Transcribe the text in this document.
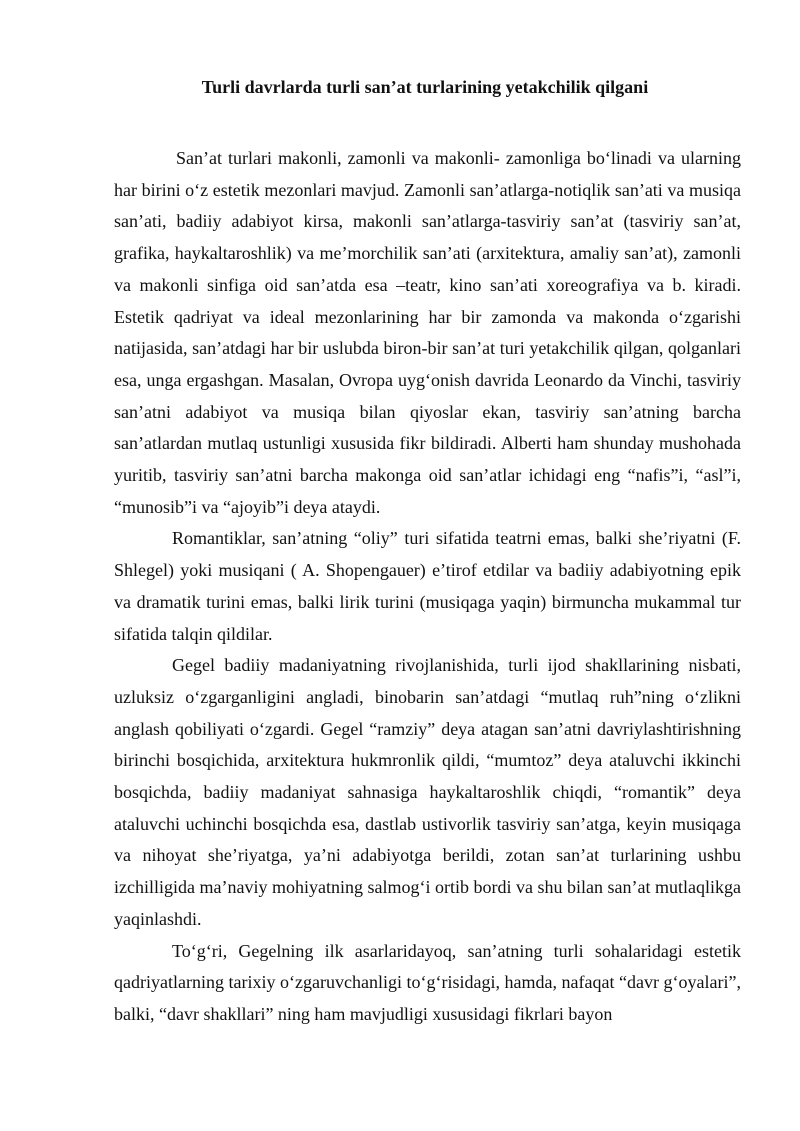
Turli davrlarda turli san’at turlarining yetakchilik qilgani

San’at turlari makonli, zamonli va makonli- zamonliga bo‘linadi va ularning har birini o‘z estetik mezonlari mavjud. Zamonli san’atlarga-notiqlik san’ati va musiqa san’ati, badiiy adabiyot kirsa, makonli san’atlarga-tasviriy san’at (tasviriy san’at, grafika, haykaltaroshlik) va me’morchilik san’ati (arxitektura, amaliy san’at), zamonli va makonli sinfiga oid san’atda esa –teatr, kino san’ati xoreografiya va b. kiradi. Estetik qadriyat va ideal mezonlarining har bir zamonda va makonda o‘zgarishi natijasida, san’atdagi har bir uslubda biron-bir san’at turi yetakchilik qilgan, qolganlari esa, unga ergashgan. Masalan, Ovropa uyg‘onish davrida Leonardo da Vinchi, tasviriy san’atni adabiyot va musiqa bilan qiyoslar ekan, tasviriy san’atning barcha san’atlardan mutlaq ustunligi xususida fikr bildiradi. Alberti ham shunday mushohada yuritib, tasviriy san’atni barcha makonga oid san’atlar ichidagi eng “nafis”i, “asl”i, “munosib”i va “ajoyib”i deya ataydi.

Romantiklar, san’atning “oliy” turi sifatida teatrni emas, balki she’riyatni (F. Shlegel) yoki musiqani ( A. Shopengauer) e’tirof etdilar va badiiy adabiyotning epik va dramatik turini emas, balki lirik turini (musiqaga yaqin) birmuncha mukammal tur sifatida talqin qildilar.

Gegel badiiy madaniyatning rivojlanishida, turli ijod shakllarining nisbati, uzluksiz o‘zgarganligini angladi, binobarin san’atdagi “mutlaq ruh”ning o‘zlikni anglash qobiliyati o‘zgardi. Gegel “ramziy” deya atagan san’atni davriylashtirishning birinchi bosqichida, arxitektura hukmronlik qildi, “mumtoz” deya ataluvchi ikkinchi bosqichda, badiiy madaniyat sahnasiga haykaltaroshlik chiqdi, “romantik” deya ataluvchi uchinchi bosqichda esa, dastlab ustivorlik tasviriy san’atga, keyin musiqaga va nihoyat she’riyatga, ya’ni adabiyotga berildi, zotan san’at turlarining ushbu izchilligida ma’naviy mohiyatning salmog‘i ortib bordi va shu bilan san’at mutlaqlikga yaqinlashdi.

To‘g‘ri, Gegelning ilk asarlaridayoq, san’atning turli sohalaridagi estetik qadriyatlarning tarixiy o‘zgaruvchanligi to‘g‘risidagi, hamda, nafaqat “davr g‘oyalari”, balki, “davr shakllari” ning ham mavjudligi xususidagi fikrlari bayon
